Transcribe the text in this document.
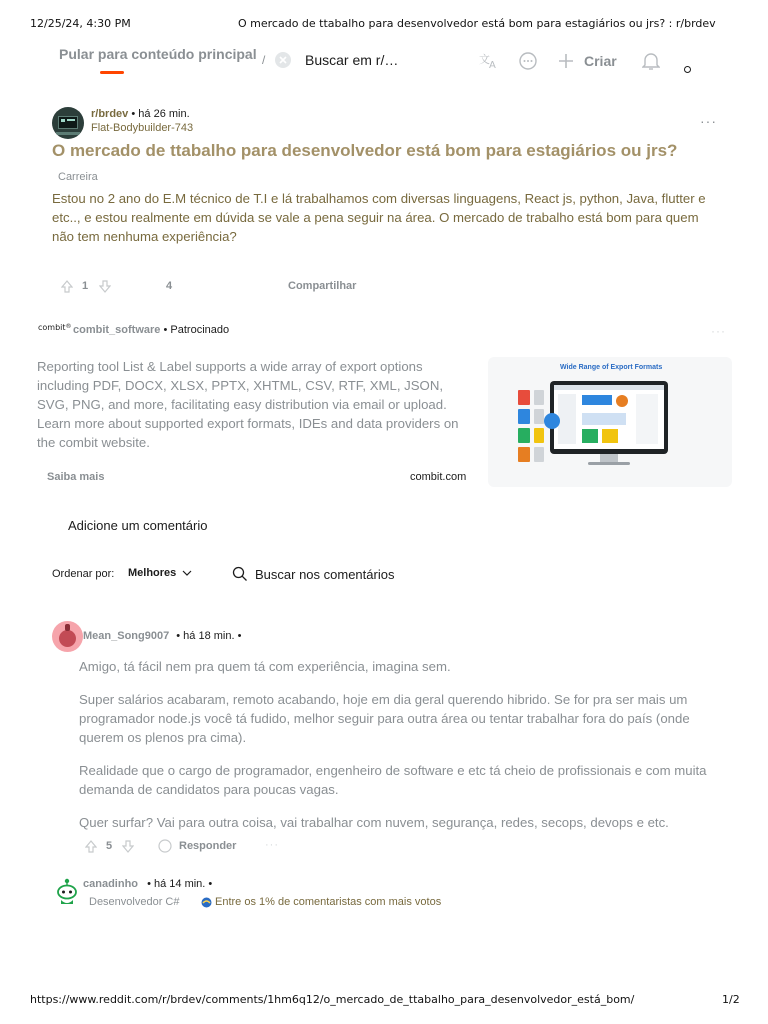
12/25/24, 4:30 PM	O mercado de ttabalho para desenvolvedor está bom para estagiários ou jrs? : r/brdev
Pular para conteúdo principal /	Buscar em r/…	文 A	Criar
r/brdev • há 26 min.
Flat-Bodybuilder-743	···
O mercado de ttabalho para desenvolvedor está bom para estagiários ou jrs?
Carreira
Estou no 2 ano do E.M técnico de T.I e lá trabalhamos com diversas linguagens, React js, python, Java, flutter e etc.., e estou realmente em dúvida se vale a pena seguir na área. O mercado de trabalho está bom para quem não tem nenhuma experiência?
1	4	Compartilhar
combit® combit_software • Patrocinado	···
Reporting tool List & Label supports a wide array of export options including PDF, DOCX, XLSX, PPTX, XHTML, CSV, RTF, XML, JSON, SVG, PNG, and more, facilitating easy distribution via email or upload. Learn more about supported export formats, IDEs and data providers on the combit website.
Saiba mais	combit.com
Wide Range of Export Formats
Adicione um comentário
Ordenar por: Melhores	Buscar nos comentários
Mean_Song9007 • há 18 min. •

Amigo, tá fácil nem pra quem tá com experiência, imagina sem.

Super salários acabaram, remoto acabando, hoje em dia geral querendo hibrido. Se for pra ser mais um programador node.js você tá fudido, melhor seguir para outra área ou tentar trabalhar fora do país (onde querem os plenos pra cima).

Realidade que o cargo de programador, engenheiro de software e etc tá cheio de profissionais e com muita demanda de candidatos para poucas vagas.

Quer surfar? Vai para outra coisa, vai trabalhar com nuvem, segurança, redes, secops, devops e etc.

5	Responder	···
canadinho • há 14 min. •
Desenvolvedor C#	Entre os 1% de comentaristas com mais votos
https://www.reddit.com/r/brdev/comments/1hm6q12/o_mercado_de_ttabalho_para_desenvolvedor_está_bom/	1/2
